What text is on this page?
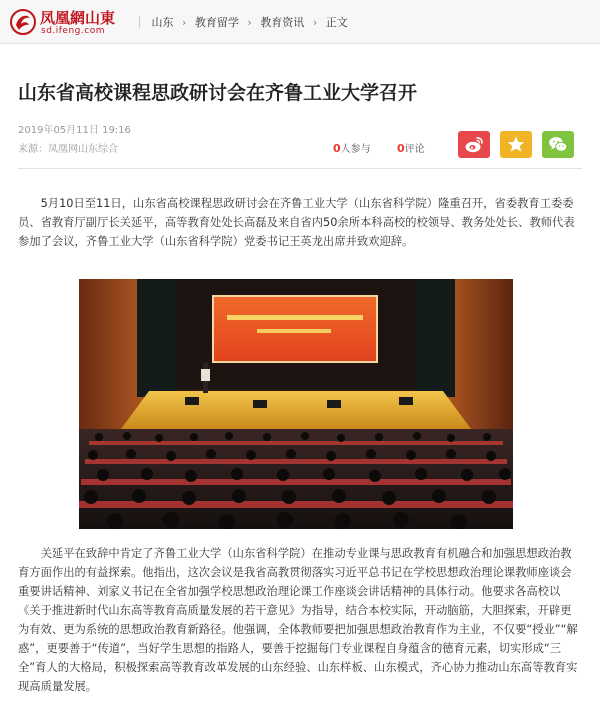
凤凰網山東
sd.ifeng.com
山东 › 教育留学 › 教育资讯 › 正文
山东省高校课程思政研讨会在齐鲁工业大学召开
2019年05月11日 19:16
来源：凤凰网山东综合	0人参与 0评论

5月10日至11日，山东省高校课程思政研讨会在齐鲁工业大学（山东省科学院）隆重召开，省委教育工委委员、省教育厅副厅长关延平，高等教育处处长高磊及来自省内50余所本科高校的校领导、教务处处长、教师代表参加了会议，齐鲁工业大学（山东省科学院）党委书记王英龙出席并致欢迎辞。

关延平在致辞中肯定了齐鲁工业大学（山东省科学院）在推动专业课与思政教育有机融合和加强思想政治教育方面作出的有益探索。他指出，这次会议是我省高教贯彻落实习近平总书记在学校思想政治理论课教师座谈会重要讲话精神、刘家义书记在全省加强学校思想政治理论课工作座谈会讲话精神的具体行动。他要求各高校以《关于推进新时代山东高等教育高质量发展的若干意见》为指导，结合本校实际，开动脑筋，大胆探索，开辟更为有效、更为系统的思想政治教育新路径。他强调，全体教师要把加强思想政治教育作为主业，不仅要“授业”“解惑”，更要善于“传道”，当好学生思想的指路人，要善于挖掘每门专业课程自身蕴含的德育元素，切实形成“三全”育人的大格局，积极探索高等教育改革发展的山东经验、山东样板、山东模式，齐心协力推动山东高等教育实现高质量发展。
